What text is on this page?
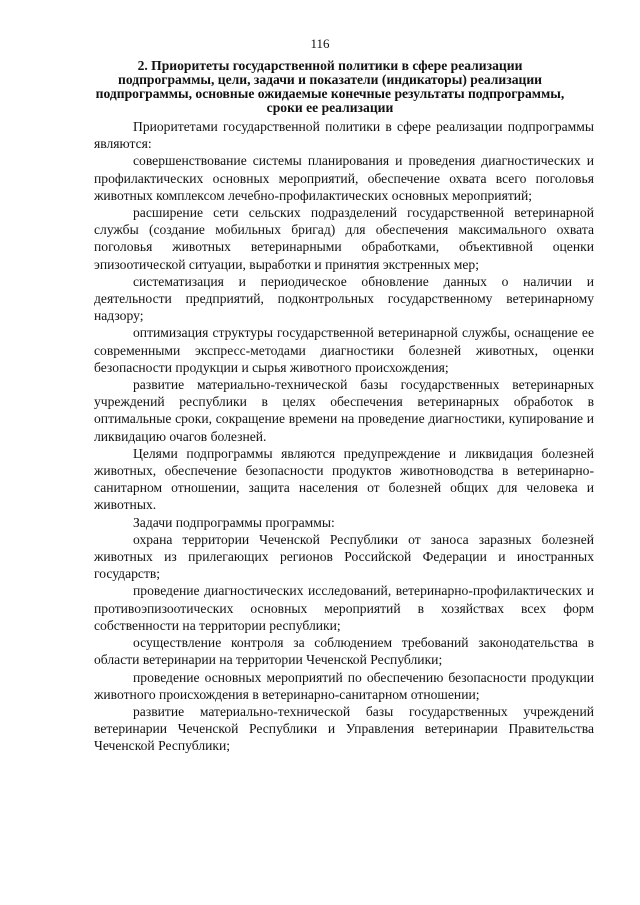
116
2. Приоритеты государственной политики в сфере реализации подпрограммы, цели, задачи и показатели (индикаторы) реализации подпрограммы, основные ожидаемые конечные результаты подпрограммы, сроки ее реализации

Приоритетами государственной политики в сфере реализации подпрограммы являются:

совершенствование системы планирования и проведения диагностических и профилактических основных мероприятий, обеспечение охвата всего поголовья животных комплексом лечебно-профилактических основных мероприятий;

расширение сети сельских подразделений государственной ветеринарной службы (создание мобильных бригад) для обеспечения максимального охвата поголовья животных ветеринарными обработками, объективной оценки эпизоотической ситуации, выработки и принятия экстренных мер;

систематизация и периодическое обновление данных о наличии и деятельности предприятий, подконтрольных государственному ветеринарному надзору;

оптимизация структуры государственной ветеринарной службы, оснащение ее современными экспресс-методами диагностики болезней животных, оценки безопасности продукции и сырья животного происхождения;

развитие материально-технической базы государственных ветеринарных учреждений республики в целях обеспечения ветеринарных обработок в оптимальные сроки, сокращение времени на проведение диагностики, купирование и ликвидацию очагов болезней.

Целями подпрограммы являются предупреждение и ликвидация болезней животных, обеспечение безопасности продуктов животноводства в ветеринарно-санитарном отношении, защита населения от болезней общих для человека и животных.

Задачи подпрограммы программы:

охрана территории Чеченской Республики от заноса заразных болезней животных из прилегающих регионов Российской Федерации и иностранных государств;

проведение диагностических исследований, ветеринарно-профилактических и противоэпизоотических основных мероприятий в хозяйствах всех форм собственности на территории республики;

осуществление контроля за соблюдением требований законодательства в области ветеринарии на территории Чеченской Республики;

проведение основных мероприятий по обеспечению безопасности продукции животного происхождения в ветеринарно-санитарном отношении;

развитие материально-технической базы государственных учреждений ветеринарии Чеченской Республики и Управления ветеринарии Правительства Чеченской Республики;
